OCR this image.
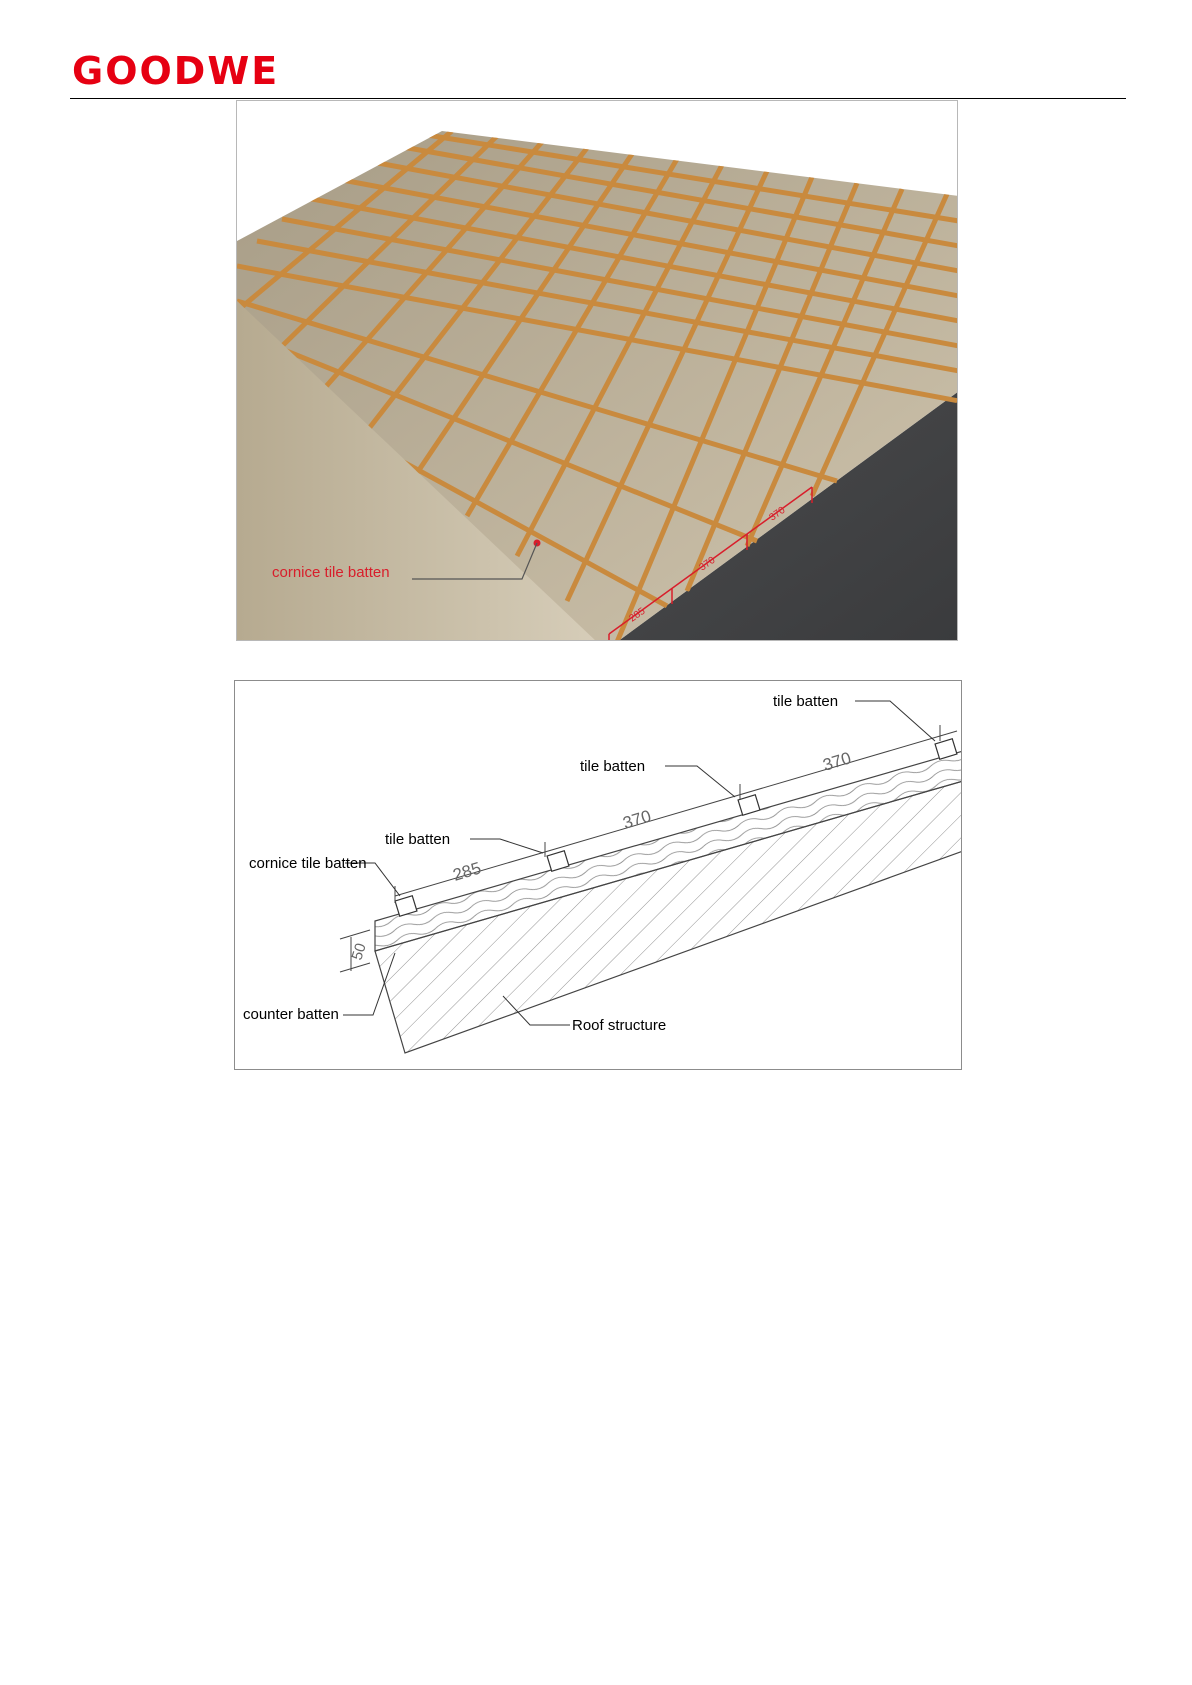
GOODWE
285
370
370
cornice tile batten
285
370
370
50
tile batten
tile batten
tile batten
cornice tile batten
counter batten
Roof structure
